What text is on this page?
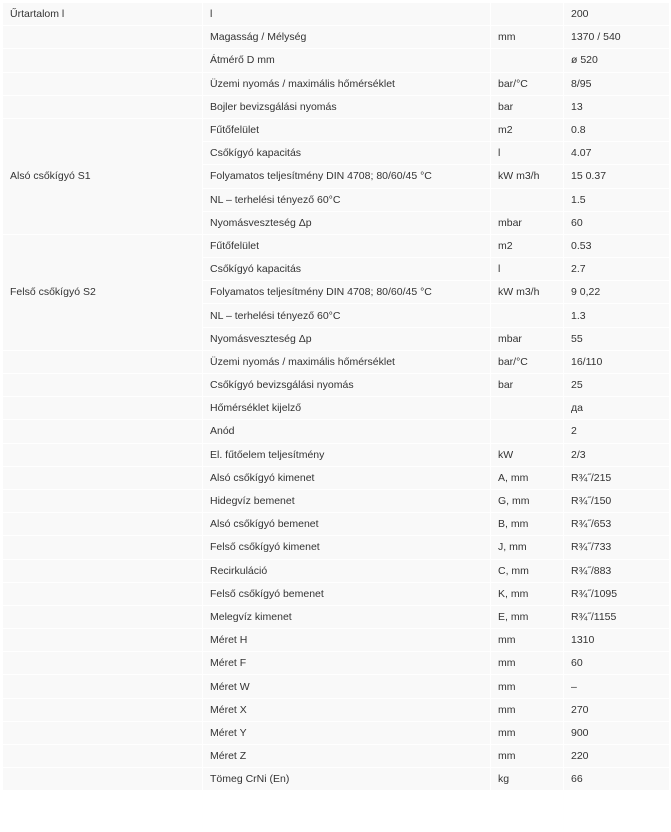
Űrtartalom l	l		200
	Magasság / Mélység	mm	1370 / 540
	Átmérő D mm		ø 520
	Üzemi nyomás / maximális hőmérséklet	bar/°C	8/95
	Bojler bevizsgálási nyomás	bar	13
Alsó csőkígyó S1	Fűtőfelület	m2	0.8
	Csőkígyó kapacitás	l	4.07
	Folyamatos teljesítmény DIN 4708; 80/60/45 °C	kW m3/h	15 0.37
	NL – terhelési tényező 60°C		1.5
	Nyomásveszteség Δp	mbar	60
Felső csőkígyó S2	Fűtőfelület	m2	0.53
	Csőkígyó kapacitás	l	2.7
	Folyamatos teljesítmény DIN 4708; 80/60/45 °C	kW m3/h	9 0,22
	NL – terhelési tényező 60°C		1.3
	Nyomásveszteség Δp	mbar	55
	Üzemi nyomás / maximális hőmérséklet	bar/°C	16/110
	Csőkígyó bevizsgálási nyomás	bar	25
	Hőmérséklet kijelző		да
	Anód		2
	El. fűtőelem teljesítmény	kW	2/3
	Alsó csőkígyó kimenet	A, mm	R¾˝/215
	Hidegvíz bemenet	G, mm	R¾˝/150
	Alsó csőkígyó bemenet	B, mm	R¾˝/653
	Felső csőkígyó kimenet	J, mm	R¾˝/733
	Recirkuláció	C, mm	R¾˝/883
	Felső csőkígyó bemenet	K, mm	R¾˝/1095
	Melegvíz kimenet	E, mm	R¾˝/1155
	Méret H	mm	1310
	Méret F	mm	60
	Méret W	mm	–
	Méret X	mm	270
	Méret Y	mm	900
	Méret Z	mm	220
	Tömeg CrNi (En)	kg	66
